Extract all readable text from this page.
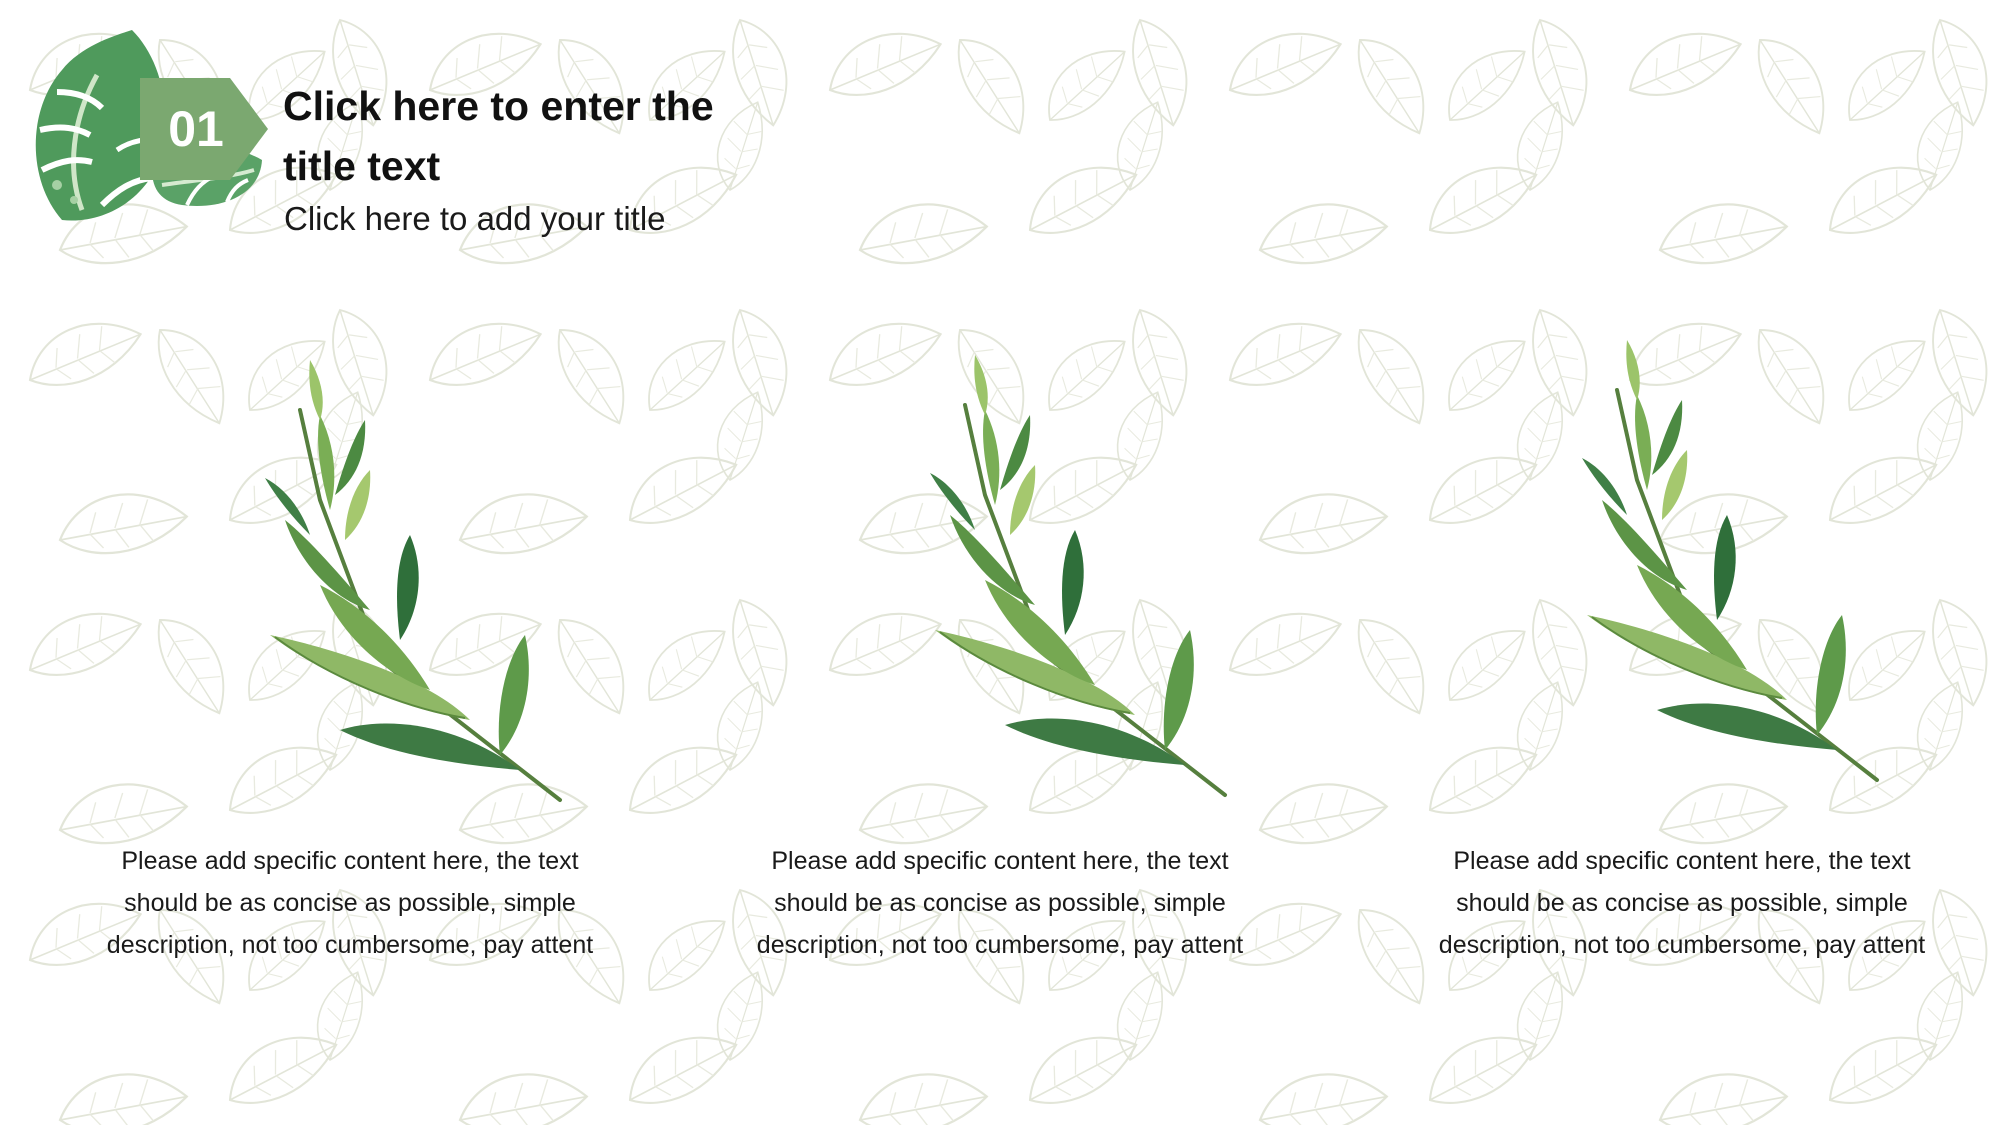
01	Click here to enter the
title text
Click here to add your title
Please add specific content here, the text
should be as concise as possible, simple
description, not too cumbersome, pay attent
Please add specific content here, the text
should be as concise as possible, simple
description, not too cumbersome, pay attent
Please add specific content here, the text
should be as concise as possible, simple
description, not too cumbersome, pay attent
